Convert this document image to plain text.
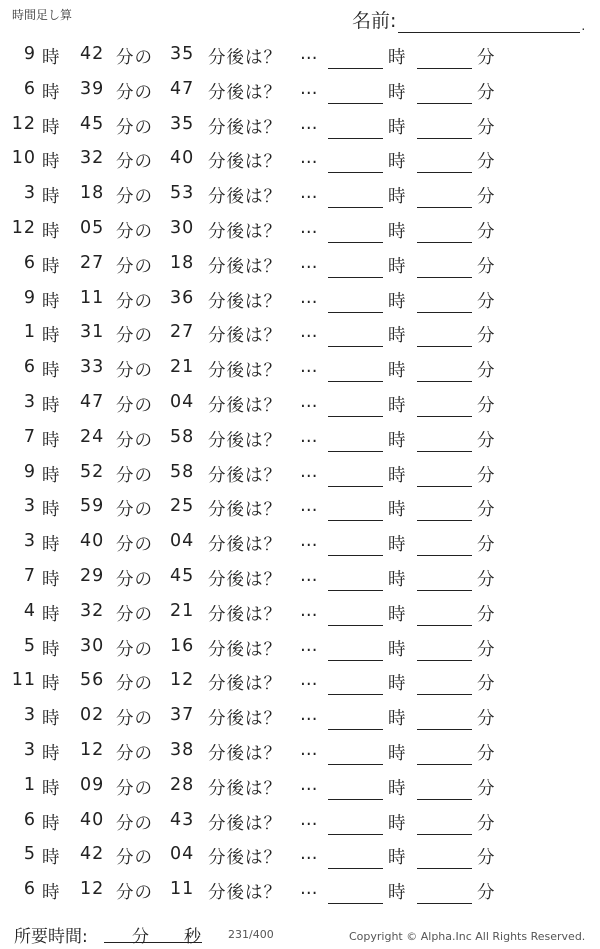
時間足し算	名前:	.
9 時 42 分の 35 分後は？ …	時	分
6 時 39 分の 47 分後は？ …	時	分
12 時 45 分の 35 分後は？ …	時	分
10 時 32 分の 40 分後は？ …	時	分
3 時 18 分の 53 分後は？ …	時	分
12 時 05 分の 30 分後は？ …	時	分
6 時 27 分の 18 分後は？ …	時	分
9 時 11 分の 36 分後は？ …	時	分
1 時 31 分の 27 分後は？ …	時	分
6 時 33 分の 21 分後は？ …	時	分
3 時 47 分の 04 分後は？ …	時	分
7 時 24 分の 58 分後は？ …	時	分
9 時 52 分の 58 分後は？ …	時	分
3 時 59 分の 25 分後は？ …	時	分
3 時 40 分の 04 分後は？ …	時	分
7 時 29 分の 45 分後は？ …	時	分
4 時 32 分の 21 分後は？ …	時	分
5 時 30 分の 16 分後は？ …	時	分
11 時 56 分の 12 分後は？ …	時	分
3 時 02 分の 37 分後は？ …	時	分
3 時 12 分の 38 分後は？ …	時	分
1 時 09 分の 28 分後は？ …	時	分
6 時 40 分の 43 分後は？ …	時	分
5 時 42 分の 04 分後は？ …	時	分
6 時 12 分の 11 分後は？ …	時	分
所要時間:	分 秒 231/400	Copyright © Alpha.Inc All Rights Reserved.
